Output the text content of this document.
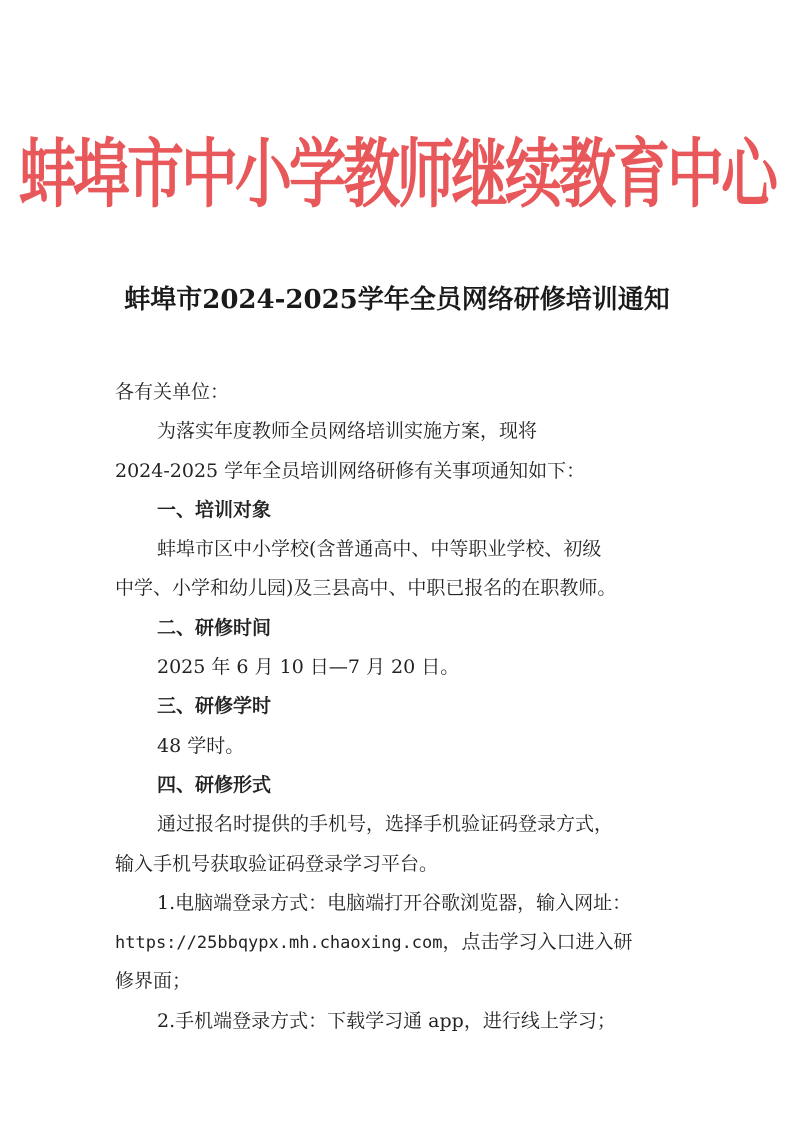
蚌埠市中小学教师继续教育中心
蚌埠市2024-2025学年全员网络研修培训通知
各有关单位：
为落实年度教师全员网络培训实施方案，现将
2024-2025 学年全员培训网络研修有关事项通知如下：
一、培训对象
蚌埠市区中小学校(含普通高中、中等职业学校、初级
中学、小学和幼儿园)及三县高中、中职已报名的在职教师。
二、研修时间
2025 年 6 月 10 日—7 月 20 日。
三、研修学时
48 学时。
四、研修形式
通过报名时提供的手机号，选择手机验证码登录方式，
输入手机号获取验证码登录学习平台。
1.电脑端登录方式：电脑端打开谷歌浏览器，输入网址：
https://25bbqypx.mh.chaoxing.com，点击学习入口进入研
修界面；
2.手机端登录方式：下载学习通 app，进行线上学习；
